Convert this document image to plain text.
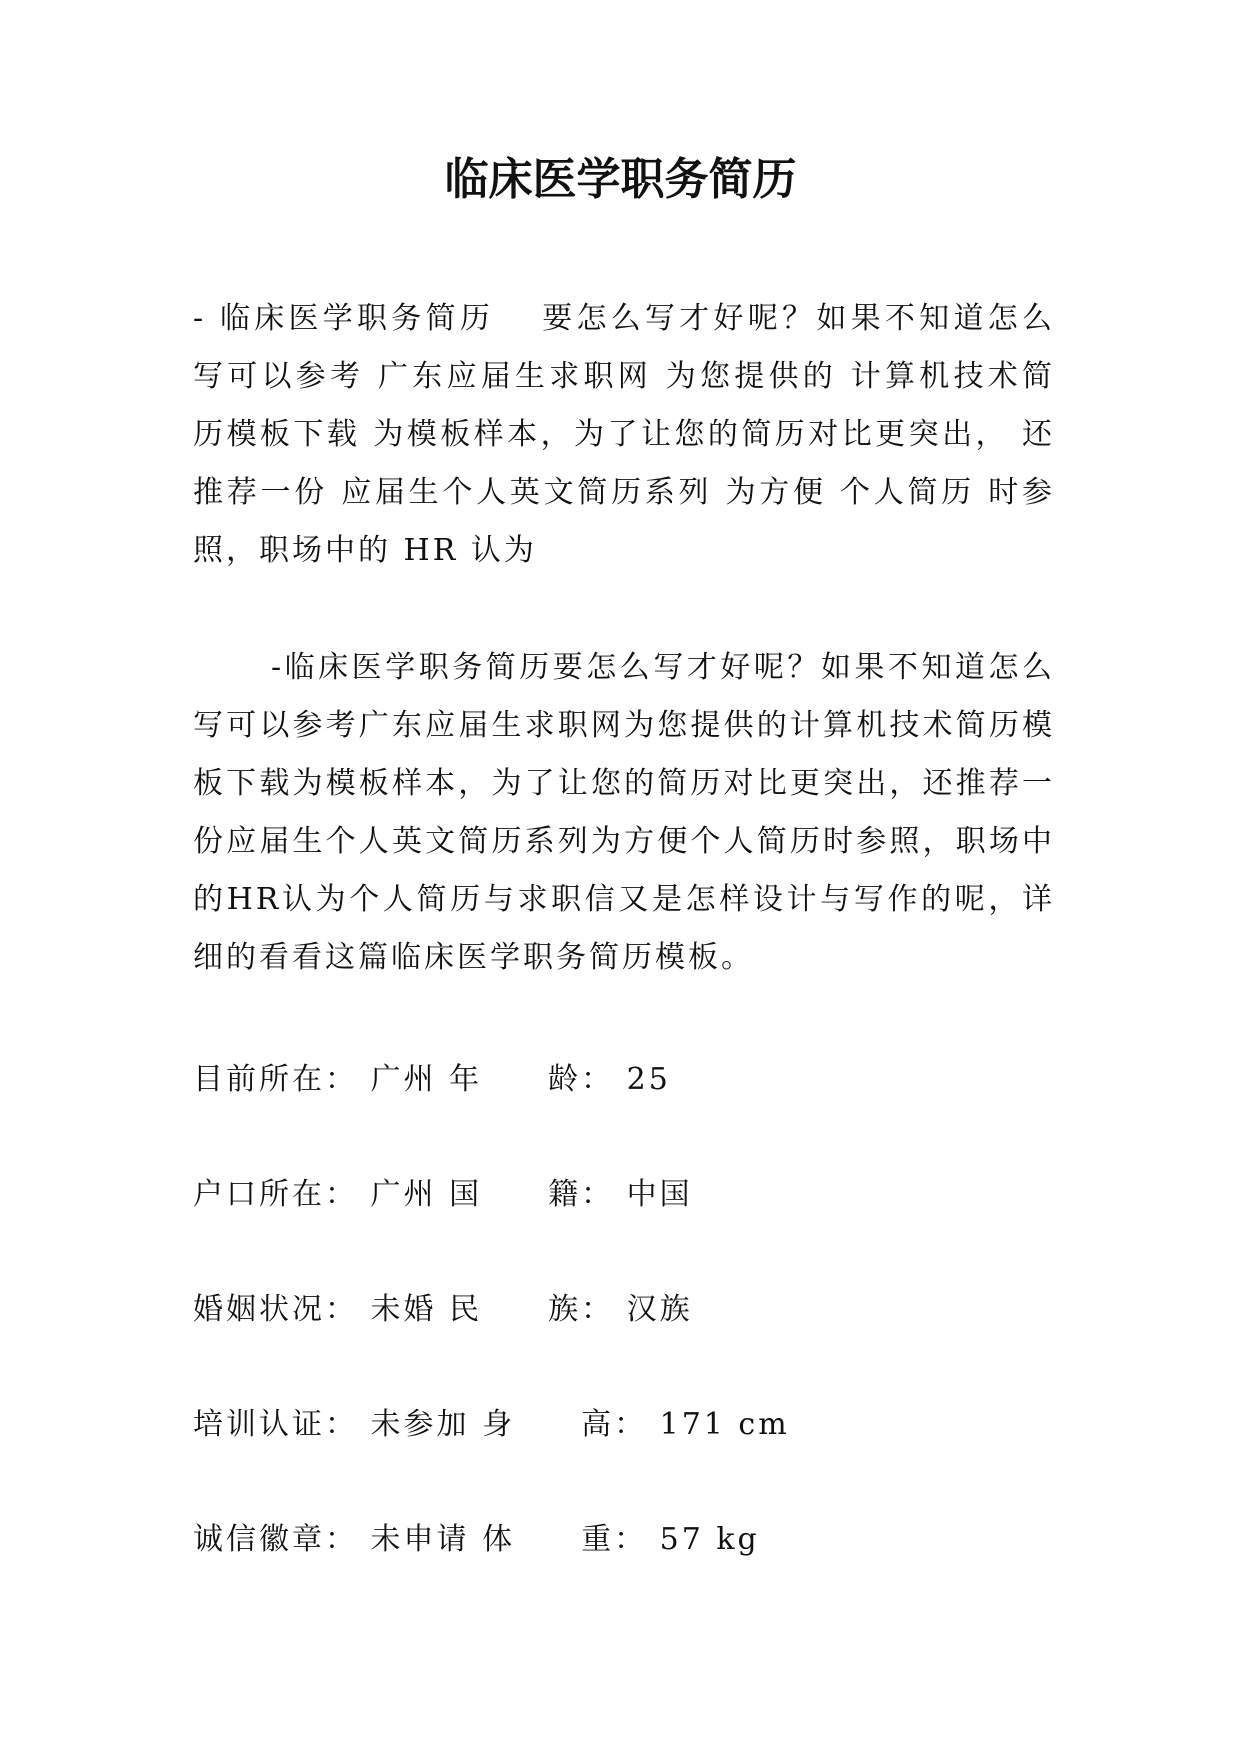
临床医学职务简历

- 临床医学职务简历　 要怎么写才好呢？如果不知道怎么写可以参考 广东应届生求职网 为您提供的 计算机技术简历模板下载 为模板样本，为了让您的简历对比更突出， 还推荐一份 应届生个人英文简历系列 为方便 个人简历 时参照，职场中的 HR 认为

-临床医学职务简历要怎么写才好呢？如果不知道怎么写可以参考广东应届生求职网为您提供的计算机技术简历模板下载为模板样本，为了让您的简历对比更突出，还推荐一份应届生个人英文简历系列为方便个人简历时参照，职场中的HR认为个人简历与求职信又是怎样设计与写作的呢，详细的看看这篇临床医学职务简历模板。

目前所在： 广州 年　　龄： 25

户口所在： 广州 国　　籍： 中国

婚姻状况： 未婚 民　　族： 汉族

培训认证： 未参加 身　　高： 171 cm

诚信徽章： 未申请 体　　重： 57 kg
